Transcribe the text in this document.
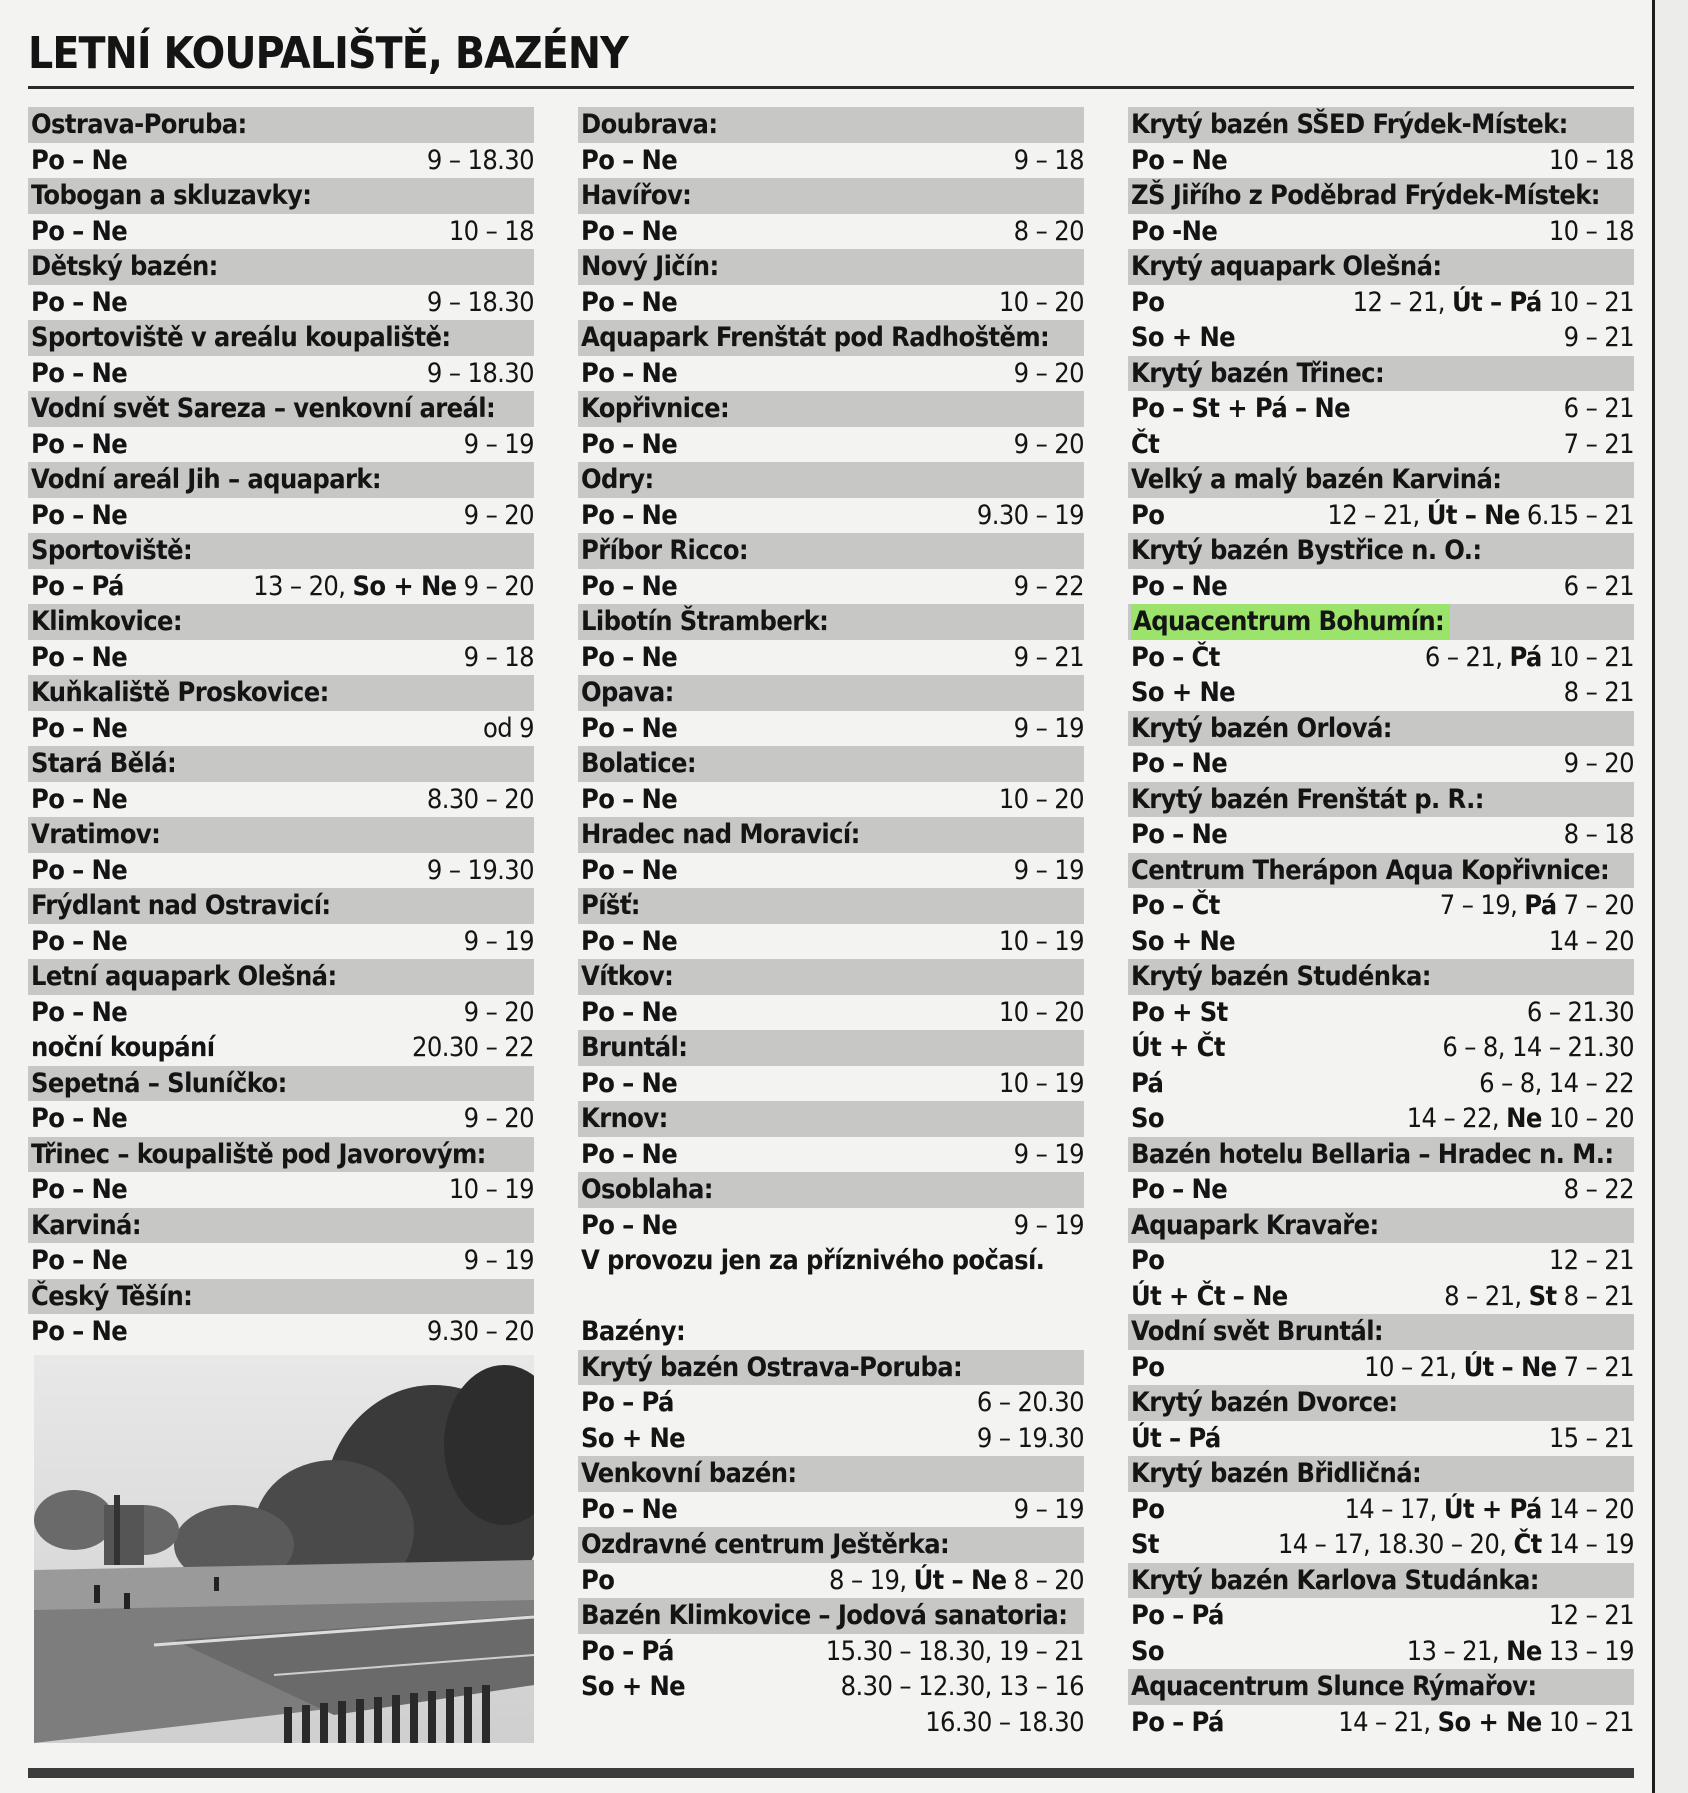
LETNÍ KOUPALIŠTĚ, BAZÉNY
Ostrava-Poruba:
Po – Ne	9 – 18.30
Tobogan a skluzavky:
Po – Ne	10 – 18
Dětský bazén:
Po – Ne	9 – 18.30
Sportoviště v areálu koupaliště:
Po – Ne	9 – 18.30
Vodní svět Sareza – venkovní areál:
Po – Ne	9 – 19
Vodní areál Jih – aquapark:
Po – Ne	9 – 20
Sportoviště:
Po – Pá	13 – 20, So + Ne 9 – 20
Klimkovice:
Po – Ne	9 – 18
Kuňkaliště Proskovice:
Po – Ne	od 9
Stará Bělá:
Po – Ne	8.30 – 20
Vratimov:
Po – Ne	9 – 19.30
Frýdlant nad Ostravicí:
Po – Ne	9 – 19
Letní aquapark Olešná:
Po – Ne	9 – 20
noční koupání	20.30 – 22
Sepetná – Sluníčko:
Po – Ne	9 – 20
Třinec – koupaliště pod Javorovým:
Po – Ne	10 – 19
Karviná:
Po – Ne	9 – 19
Český Těšín:
Po – Ne	9.30 – 20
Doubrava:
Po – Ne	9 – 18
Havířov:
Po – Ne	8 – 20
Nový Jičín:
Po – Ne	10 – 20
Aquapark Frenštát pod Radhoštěm:
Po – Ne	9 – 20
Kopřivnice:
Po – Ne	9 – 20
Odry:
Po – Ne	9.30 – 19
Příbor Ricco:
Po – Ne	9 – 22
Libotín Štramberk:
Po – Ne	9 – 21
Opava:
Po – Ne	9 – 19
Bolatice:
Po – Ne	10 – 20
Hradec nad Moravicí:
Po – Ne	9 – 19
Píšť:
Po – Ne	10 – 19
Vítkov:
Po – Ne	10 – 20
Bruntál:
Po – Ne	10 – 19
Krnov:
Po – Ne	9 – 19
Osoblaha:
Po – Ne	9 – 19
V provozu jen za příznivého počasí.
Bazény:
Krytý bazén Ostrava-Poruba:
Po – Pá	6 – 20.30
So + Ne	9 – 19.30
Venkovní bazén:
Po – Ne	9 – 19
Ozdravné centrum Ještěrka:
Po	8 – 19, Út – Ne 8 – 20
Bazén Klimkovice – Jodová sanatoria:
Po – Pá	15.30 – 18.30, 19 – 21
So + Ne	8.30 – 12.30, 13 – 16
16.30 – 18.30
Krytý bazén SŠED Frýdek-Místek:
Po – Ne	10 – 18
ZŠ Jiřího z Poděbrad Frýdek-Místek:
Po -Ne	10 – 18
Krytý aquapark Olešná:
Po	12 – 21, Út – Pá 10 – 21
So + Ne	9 – 21
Krytý bazén Třinec:
Po – St + Pá – Ne	6 – 21
Čt	7 – 21
Velký a malý bazén Karviná:
Po	12 – 21, Út – Ne 6.15 – 21
Krytý bazén Bystřice n. O.:
Po – Ne	6 – 21
Aquacentrum Bohumín:
Po – Čt	6 – 21, Pá 10 – 21
So + Ne	8 – 21
Krytý bazén Orlová:
Po – Ne	9 – 20
Krytý bazén Frenštát p. R.:
Po – Ne	8 – 18
Centrum Therápon Aqua Kopřivnice:
Po – Čt	7 – 19, Pá 7 – 20
So + Ne	14 – 20
Krytý bazén Studénka:
Po + St	6 – 21.30
Út + Čt	6 – 8, 14 – 21.30
Pá	6 – 8, 14 – 22
So	14 – 22, Ne 10 – 20
Bazén hotelu Bellaria – Hradec n. M.:
Po – Ne	8 – 22
Aquapark Kravaře:
Po	12 – 21
Út + Čt – Ne	8 – 21, St 8 – 21
Vodní svět Bruntál:
Po	10 – 21, Út – Ne 7 – 21
Krytý bazén Dvorce:
Út – Pá	15 – 21
Krytý bazén Břidličná:
Po	14 – 17, Út + Pá 14 – 20
St	14 – 17, 18.30 – 20, Čt 14 – 19
Krytý bazén Karlova Studánka:
Po – Pá	12 – 21
So	13 – 21, Ne 13 – 19
Aquacentrum Slunce Rýmařov:
Po – Pá	14 – 21, So + Ne 10 – 21
